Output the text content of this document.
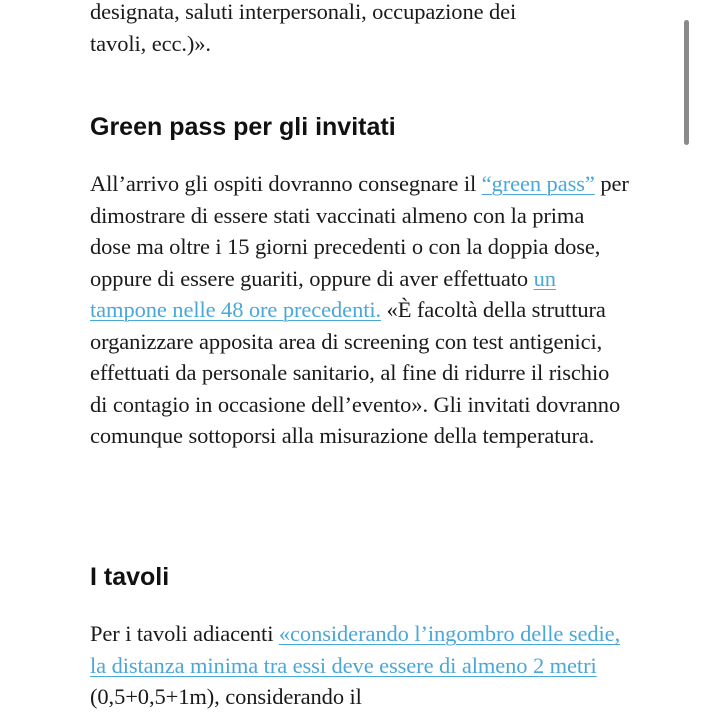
designata, saluti interpersonali, occupazione dei
tavoli, ecc.)».

Green pass per gli invitati

All’arrivo gli ospiti dovranno consegnare il “green pass” per dimostrare di essere stati vaccinati almeno con la prima dose ma oltre i 15 giorni precedenti o con la doppia dose, oppure di essere guariti, oppure di aver effettuato un tampone nelle 48 ore precedenti. «È facoltà della struttura organizzare apposita area di screening con test antigenici, effettuati da personale sanitario, al fine di ridurre il rischio di contagio in occasione dell’evento». Gli invitati dovranno comunque sottoporsi alla misurazione della temperatura.

I tavoli

Per i tavoli adiacenti «considerando l’ingombro delle sedie, la distanza minima tra essi deve essere di almeno 2 metri (0,5+0,5+1m), considerando il
